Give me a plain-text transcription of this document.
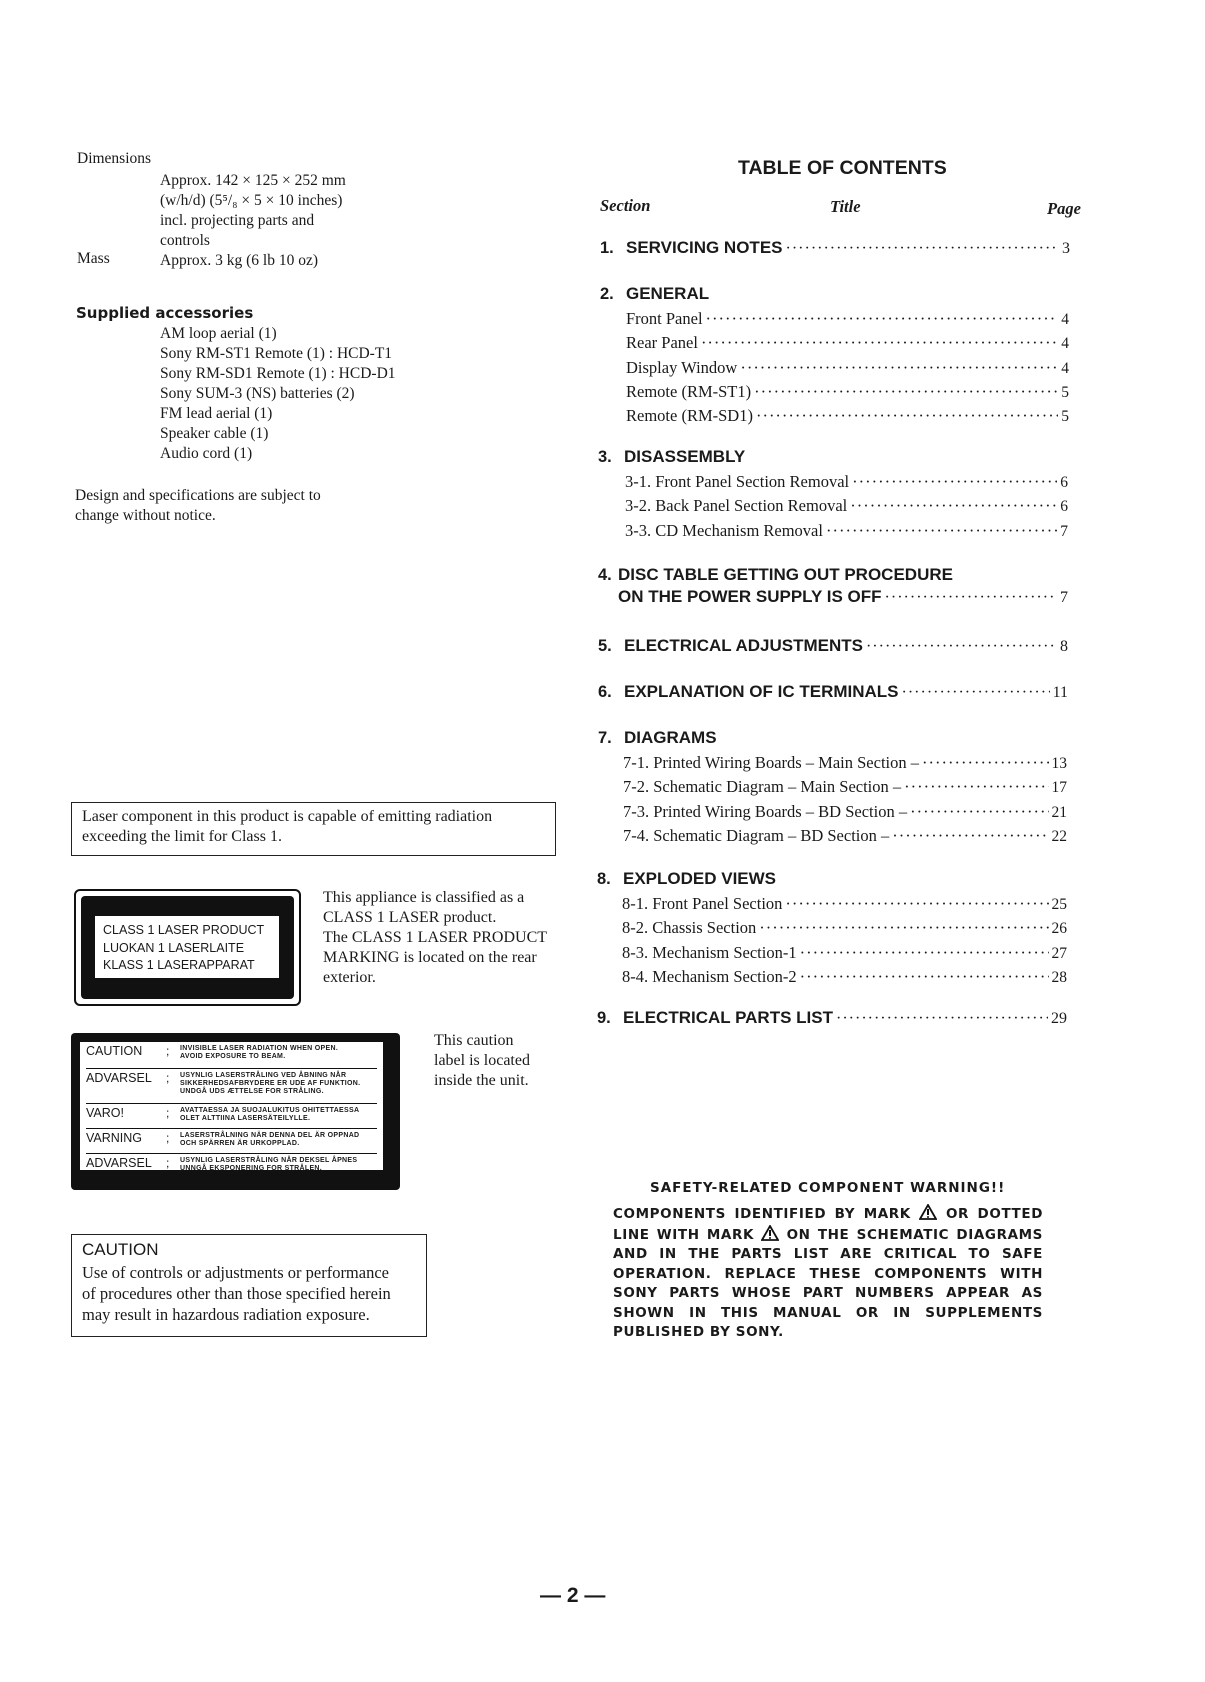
Dimensions
Approx. 142 × 125 × 252 mm
(w/h/d) (5⁵/₈ × 5 × 10 inches)
incl. projecting parts and
controls
Mass	Approx. 3 kg (6 lb 10 oz)
Supplied accessories
AM loop aerial (1)
Sony RM-ST1 Remote (1) : HCD-T1
Sony RM-SD1 Remote (1) : HCD-D1
Sony SUM-3 (NS) batteries (2)
FM lead aerial (1)
Speaker cable (1)
Audio cord (1)
Design and specifications are subject to
change without notice.
Laser component in this product is capable of emitting radiation
exceeding the limit for Class 1.
CLASS 1 LASER PRODUCT
LUOKAN 1 LASERLAITE
KLASS 1 LASERAPPARAT
This appliance is classified as a
CLASS 1 LASER product.
The CLASS 1 LASER PRODUCT
MARKING is located on the rear
exterior.
CAUTION	;	INVISIBLE LASER RADIATION WHEN OPEN.
AVOID EXPOSURE TO BEAM.
ADVARSEL	;	USYNLIG LASERSTRÅLING VED ÅBNING NÅR
SIKKERHEDSAFBRYDERE ER UDE AF FUNKTION.
UNDGÅ UDS ÆTTELSE FOR STRÅLING.
VARO!	;	AVATTAESSA JA SUOJALUKITUS OHITETTAESSA
OLET ALTTIINA LASERSÄTEILYLLE.
VARNING	;	LASERSTRÅLNING NÄR DENNA DEL ÄR OPPNAD
OCH SPÄRREN ÄR URKOPPLAD.
ADVARSEL	;	USYNLIG LASERSTRÅLING NÅR DEKSEL ÅPNES
UNNGÅ EKSPONERING FOR STRÅLEN.
This caution
label is located
inside the unit.
CAUTION
Use of controls or adjustments or performance
of procedures other than those specified herein
may result in hazardous radiation exposure.
TABLE OF CONTENTS
Section	Title	Page
1. SERVICING NOTES ·····	3
2. GENERAL
Front Panel ·····	4
Rear Panel ·····	4
Display Window ·····	4
Remote (RM-ST1) ·····	5
Remote (RM-SD1) ·····	5
3. DISASSEMBLY
3-1. Front Panel Section Removal ·····	6
3-2. Back Panel Section Removal ·····	6
3-3. CD Mechanism Removal ·····	7
4. DISC TABLE GETTING OUT PROCEDURE
ON THE POWER SUPPLY IS OFF ·····	7
5. ELECTRICAL ADJUSTMENTS ·····	8
6. EXPLANATION OF IC TERMINALS ·····	11
7. DIAGRAMS
7-1. Printed Wiring Boards – Main Section – ·····	13
7-2. Schematic Diagram – Main Section – ·····	17
7-3. Printed Wiring Boards – BD Section – ·····	21
7-4. Schematic Diagram – BD Section – ·····	22
8. EXPLODED VIEWS
8-1. Front Panel Section ·····	25
8-2. Chassis Section ·····	26
8-3. Mechanism Section-1 ·····	27
8-4. Mechanism Section-2 ·····	28
9. ELECTRICAL PARTS LIST ·····	29
SAFETY-RELATED COMPONENT WARNING!!
COMPONENTS IDENTIFIED BY MARK	OR DOTTED LINE WITH MARK ON THE SCHEMATIC DIAGRAMS AND IN THE PARTS LIST ARE CRITICAL TO SAFE OPERATION. REPLACE THESE COMPONENTS WITH SONY PARTS WHOSE PART NUMBERS APPEAR AS SHOWN IN THIS MANUAL OR IN SUPPLEMENTS PUBLISHED BY SONY.
— 2 —
